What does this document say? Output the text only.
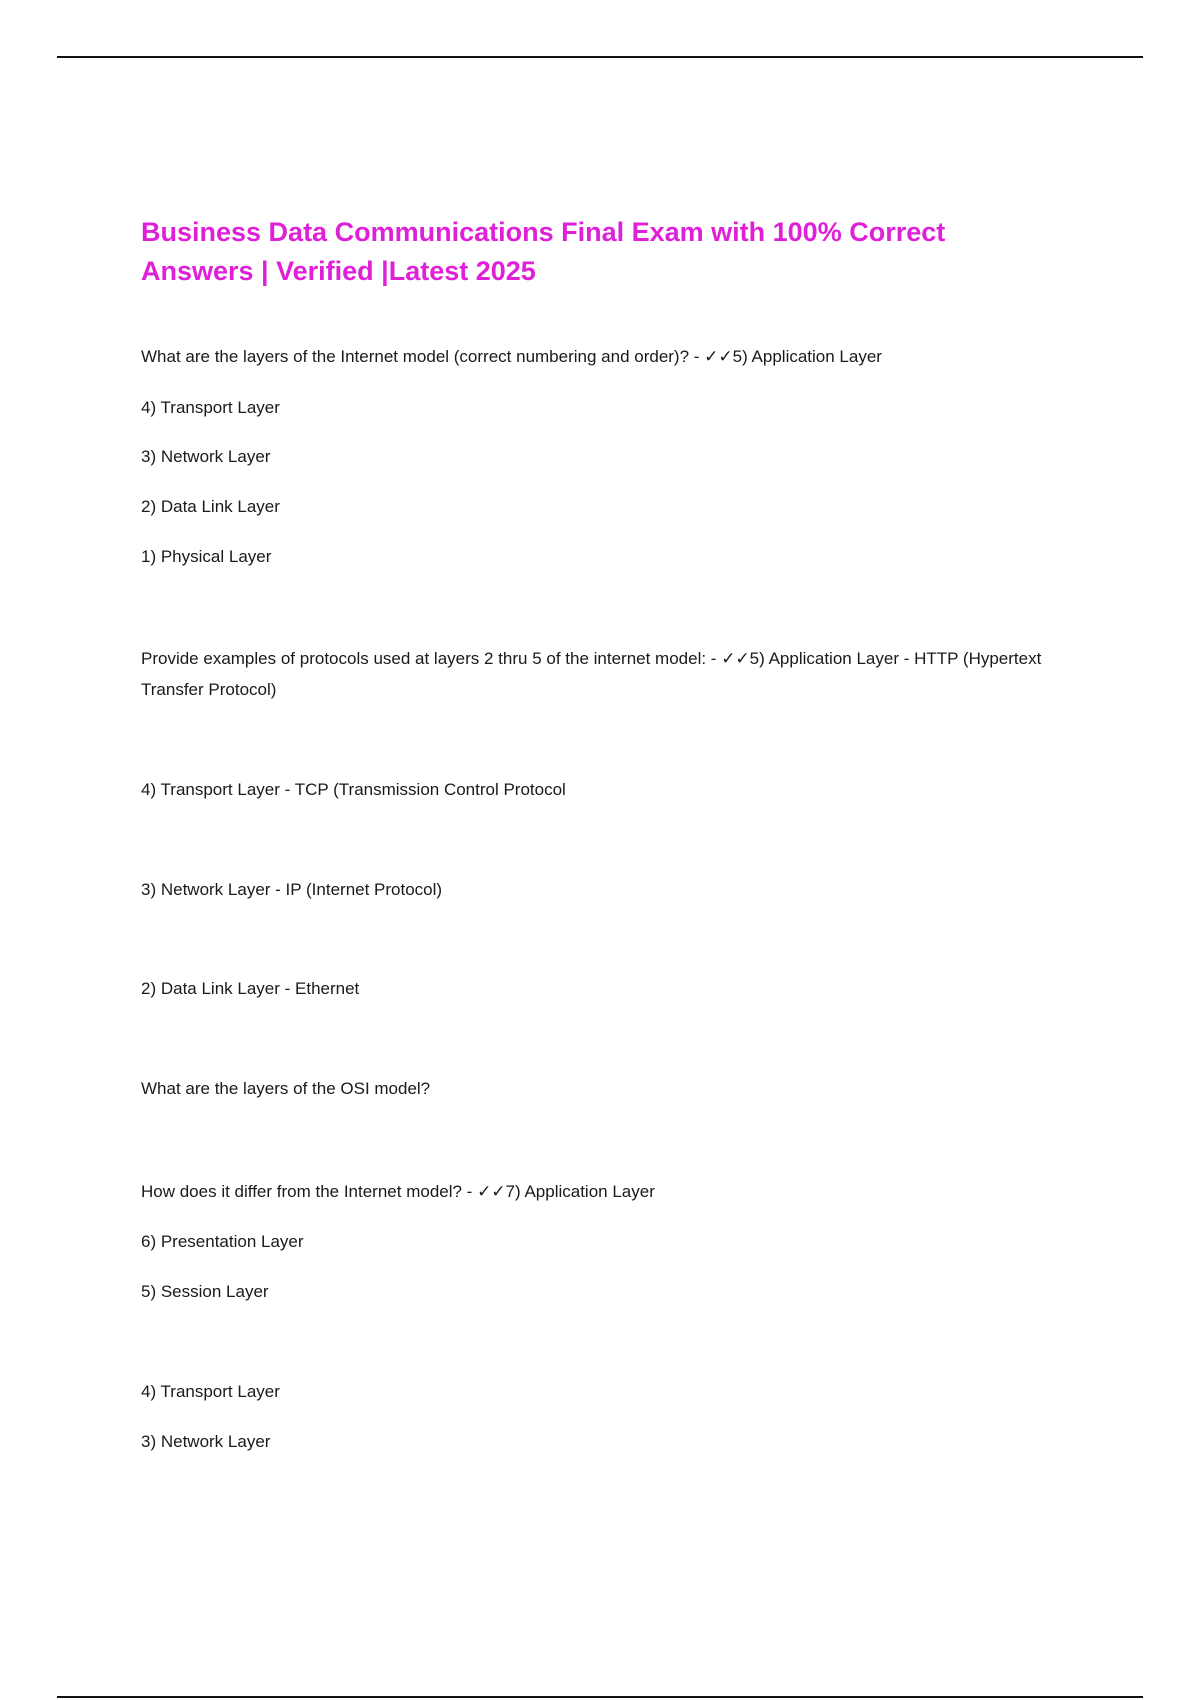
Business Data Communications Final Exam with 100% Correct Answers | Verified |Latest 2025

What are the layers of the Internet model (correct numbering and order)? - ✓✓5) Application Layer

4) Transport Layer

3) Network Layer

2) Data Link Layer

1) Physical Layer

Provide examples of protocols used at layers 2 thru 5 of the internet model: - ✓✓5) Application Layer - HTTP (Hypertext Transfer Protocol)

4) Transport Layer - TCP (Transmission Control Protocol

3) Network Layer - IP (Internet Protocol)

2) Data Link Layer - Ethernet

What are the layers of the OSI model?

How does it differ from the Internet model? - ✓✓7) Application Layer

6) Presentation Layer

5) Session Layer

4) Transport Layer

3) Network Layer
